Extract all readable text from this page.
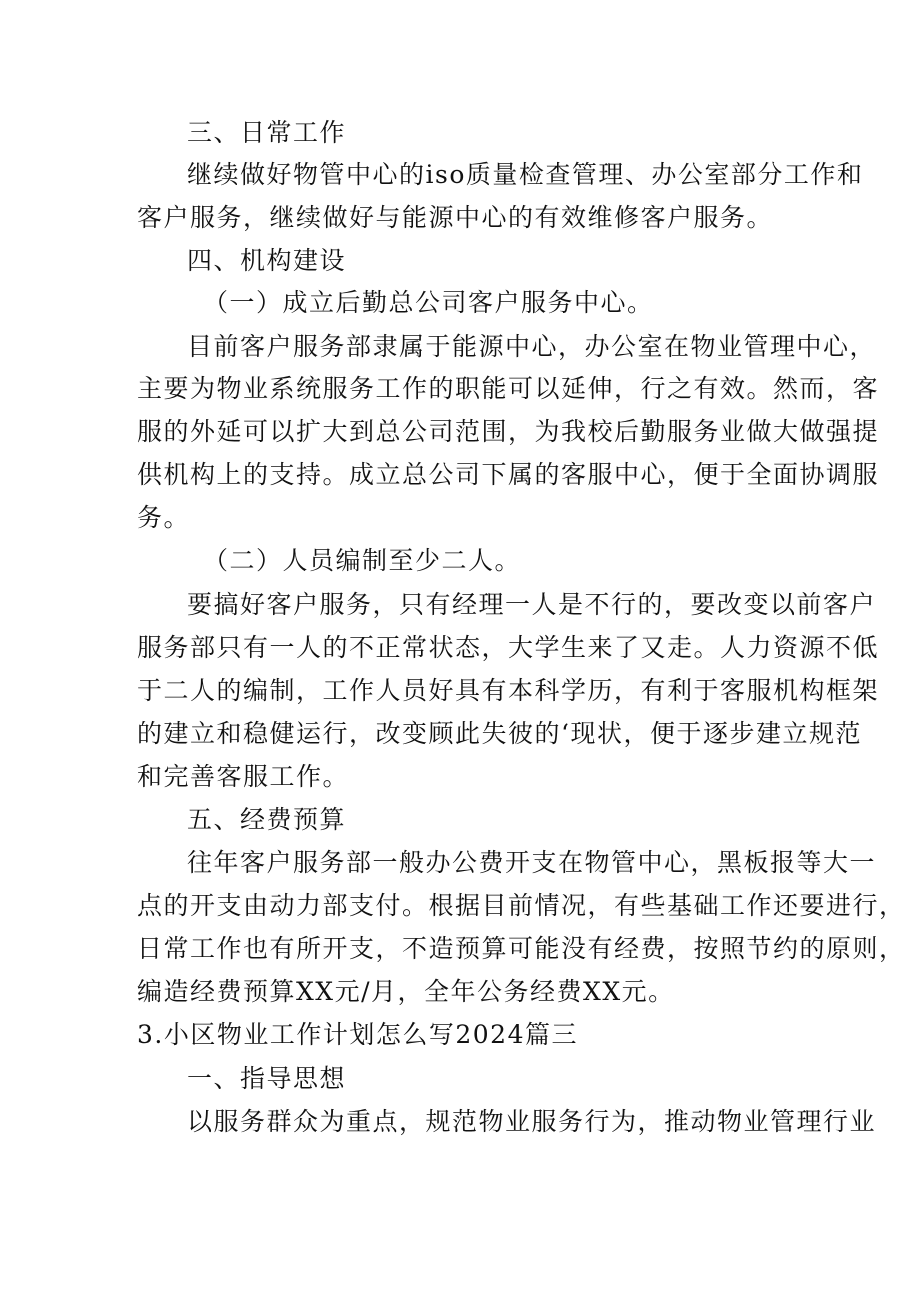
三、日常工作
继续做好物管中心的iso质量检查管理、办公室部分工作和
客户服务，继续做好与能源中心的有效维修客户服务。
四、机构建设
（一）成立后勤总公司客户服务中心。
目前客户服务部隶属于能源中心，办公室在物业管理中心，
主要为物业系统服务工作的职能可以延伸，行之有效。然而，客
服的外延可以扩大到总公司范围，为我校后勤服务业做大做强提
供机构上的支持。成立总公司下属的客服中心，便于全面协调服
务。
（二）人员编制至少二人。
要搞好客户服务，只有经理一人是不行的，要改变以前客户
服务部只有一人的不正常状态，大学生来了又走。人力资源不低
于二人的编制，工作人员好具有本科学历，有利于客服机构框架
的建立和稳健运行，改变顾此失彼的‘现状，便于逐步建立规范
和完善客服工作。
五、经费预算
往年客户服务部一般办公费开支在物管中心，黑板报等大一
点的开支由动力部支付。根据目前情况，有些基础工作还要进行，
日常工作也有所开支，不造预算可能没有经费，按照节约的原则，
编造经费预算XX元/月，全年公务经费XX元。
3.小区物业工作计划怎么写2024篇三
一、指导思想
以服务群众为重点，规范物业服务行为，推动物业管理行业
